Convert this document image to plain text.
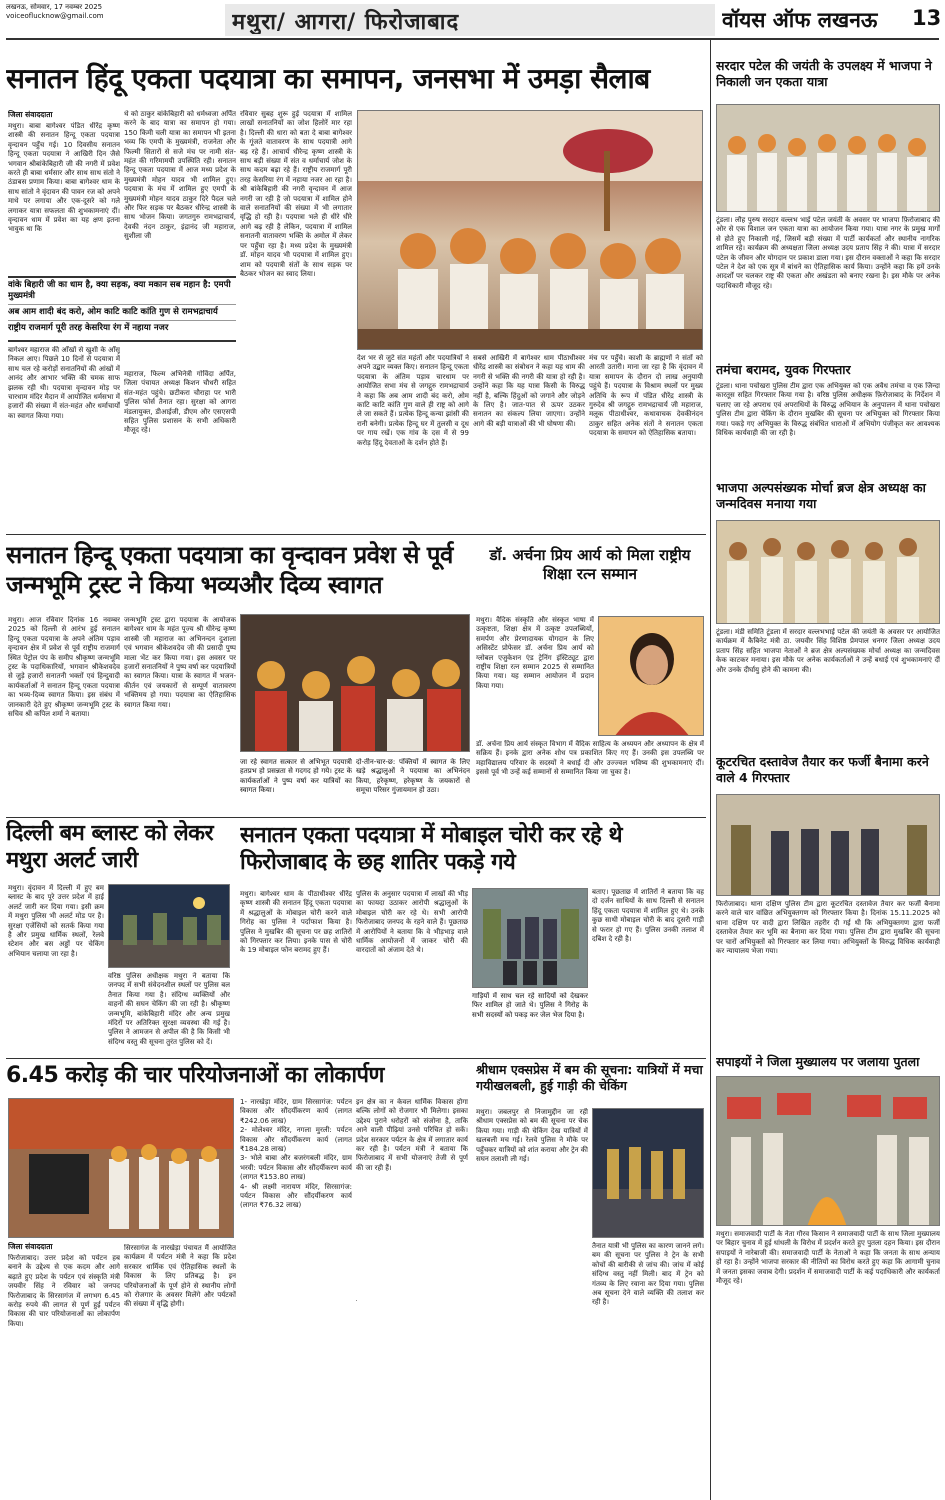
लखनऊ, सोमवार, 17 नवम्बर 2025
voiceoflucknow@gmail.com	मथुरा/ आगरा/ फिरोजाबाद	वॉयस ऑफ लखनऊ	13
सनातन हिंदू एकता पदयात्रा का समापन, जनसभा में उमड़ा सैलाब
जिला संवाददाता
मथुरा। बाबा बागेश्वर पंडित धीरेंद्र कृष्ण शास्त्री की सनातन हिन्दू एकता पदयात्रा वृन्दावन पहुँच गई। 10 दिवसीय सनातन हिन्दू एकता पदयात्रा ने आखिरी दिन जैसे भगवान श्रीबांकेबिहारी जी की नगरी में प्रवेश करते ही बाबा धर्मसार और साथ साथ संतो ने ठंडाबस प्रणाम किया। बाबा बागेश्वर धाम के साथ सांतो ने वृंदावन की पावन रज को अपने माथे पर लगाया और एक-दूसरे को गले लगाकर यात्रा सफलता की शुभकामनाएं दीं। वृन्दावन धाम में प्रवेश का यह क्षण इतना भावुक था कि
थे को ठाकुर बांकेबिहारी को धर्मध्वजा अर्पित करने के बाद यात्रा का समापन हो गया। 150 किमी चली यात्रा का समापन भी इतना भव्य कि एमपी के मुख्यमंत्री, राजनेता और फिल्मी सितारों से सजे मंच पर नामी संत-महंत की गरिमामयी उपस्थिति रही। सनातन हिन्दू एकता पदयात्रा में आज मध्य प्रदेश के मुख्यमंत्री मोहन यादव भी शामिल हुए। पदयात्रा के मंच में शामिल हुए एमपी के मुख्यमंत्री मोहन यादव ठाकुर दिरे पैदल चले और फिर सड़क पर बैठकर धीरेन्द्र शास्त्री के साथ भोजन किया। जगतगुरु रामभद्राचार्य, देवकी नंदन ठाकुर, इंद्रानंद जी महाराज, सुशीला जी
रविवार सुबह शुरू हुई पदयात्रा में शामिल लाखों सनातनियों का जोश हिलोरें मार रहा है। दिल्ली की धारा को बता दे बाबा बागेश्वर के गूंजते वातावरण के साथ पदयात्री आगे बढ़ रहे हैं। आचार्य धीरेन्द्र कृष्ण शास्त्री के साथ बड़ी संख्या में संत व धर्माचार्य जोश के साथ कदम बढ़ा रहे हैं। राष्ट्रीय राजमार्ग पूरी तरह केसरिया रंग में नहाया नजर आ रहा है। श्री बांकेबिहारी की नगरी वृन्दावन में आज नगरी जा रही है जो पदयात्रा में शामिल होने वाले सनातनियों की संख्या में भी लगातार वृद्धि हो रही है। पदयात्रा भले ही धीरे धीरे आगे बढ़ रही है लेकिन, पदयात्रा में शामिल सनातनी वातावरण भक्ति के अमोल में लेकर पर पहुँचा रहा है। मध्य प्रदेश के मुख्यमंत्री डॉ. मोहन यादव भी पदयात्रा में शामिल हुए। शाम को पदयात्री संतों के साथ सड़क पर बैठकर भोजन का स्वाद लिया।
वांके बिहारी जी का धाम है, क्या सड़क, क्या मकान सब महान है: एमपी मुख्यमंत्री
अब आम शादी बंद करो, ओम काटि काटि कांति गुण से रामभद्राचार्य
राष्ट्रीय राजमार्ग पूरी तरह केसरिया रंग में नहाया नजर
बागेश्वर महाराज की आँखों से खुशी के आँसू निकल आए। पिछले 10 दिनों से पदयात्रा में साथ चल रहे करोड़ों सनातनियों की आंखों में आनंद और आभार भक्ति की चमक साफ झलक रही थी। पदयात्रा वृन्दावन मोड़ पर चारधाम मंदिर मैदान में आयोजित धर्मसभा में हजारों की संख्या में संत-महंत और धर्माचार्यों का स्वागत किया गया।
महाराज, फिल्म अभिनेत्री गोविंदा अर्पित, जिला पंचायत अध्यक्ष किशन चौधरी सहित संत-महंत पहुंचे। छटीकरा चौराहा पर भारी पुलिस फोर्स तैनात रहा। सुरक्षा को आगरा मंडलायुक्त, डीआईजी, डीएम और एसएसपी सहित पुलिस प्रशासन के सभी अधिकारी मौजूद रहे।
देश भर से जुटे संत महंतों और पदयात्रियों ने अपने उद्बार व्यक्त किए। सनातन हिन्दू एकता पदयात्रा के अंतिम पड़ाव चारधाम पर आयोजित सभा मंच से जगद्गुरु रामभद्राचार्य ने कहा कि अब आम शादी बंद करो, ओम काटि काटि कांति गुण वाले ही राष्ट्र को आगे ले जा सकते हैं। प्रत्येक हिन्दू कन्या झांसी की रानी बनेगी। प्रत्येक हिन्दू घर में तुलसी व दूध पर गाय रखें। एक गांव के दस में से 99 करोड़ हिंदू देवताओं के दर्शन होते हैं।
सबसे आखिरी में बागेश्वर धाम पीठाधीश्वर धीरेंद्र शास्त्री का संबोधन ने कहा यह धाम की नगरी से भक्ति की नगरी की यात्रा हो रही है। उन्होंने कहा कि यह यात्रा किसी के विरुद्ध नहीं है, बल्कि हिंदुओं को जगाने और जोड़ने के लिए है। जात-पात से ऊपर उठकर सनातन का संकल्प लिया जाएगा। उन्होंने आगे की बड़ी यात्राओं की भी घोषणा की।
मंच पर पहुँचे। काशी के ब्राह्मणों ने संतों को आरती उतारी। माना जा रहा है कि वृंदावन में यात्रा समापन के दौरान दो लाख अनुयायी पहुंचे हैं। पदयात्रा के विश्राम स्थलों पर मुख्य अतिथि के रूप में पंडित धीरेंद्र शास्त्री के गुरुदेव श्री जगद्गुरु रामभद्राचार्य जी महाराज, मलूक पीठाधीश्वर, कथावाचक देवकीनंदन ठाकुर सहित अनेक संतों ने सनातन एकता पदयात्रा के समापन को ऐतिहासिक बताया।
सनातन हिन्दू एकता पदयात्रा का वृन्दावन प्रवेश से पूर्व जन्मभूमि ट्रस्ट ने किया भव्यऔर दिव्य स्वागत
मथुरा। आज रविवार दिनांक 16 नवम्बर 2025 को दिल्ली से आरंभ हुई सनातन हिन्दू एकता पदयात्रा के अपने अंतिम पड़ाव वृन्दावन क्षेत्र में प्रवेश से पूर्व राष्ट्रीय राजमार्ग स्थित पेट्रोल पंप के समीप श्रीकृष्ण जन्मभूमि ट्रस्ट के पदाधिकारियों, भगवान श्रीकेशवदेव से जुड़े हजारों सनातनी भक्तों एवं हिन्दुवादी कार्यकर्ताओं ने सनातन हिन्दू एकता पदयात्रा का भव्य-दिव्य स्वागत किया। इस संबंध में जानकारी देते हुए श्रीकृष्ण जन्मभूमि ट्रस्ट के सचिव श्री कपिल शर्मा ने बताया।
जन्मभूमि ट्रस्ट द्वारा पदयात्रा के आयोजक बागेश्वर धाम के महंत पूज्य श्री धीरेन्द्र कृष्ण शास्त्री जी महाराज का अभिनन्दन दुशाला एवं भगवान श्रीकेशवदेव जी की प्रसादी पुष्प माला भेंट कर किया गया। इस अवसर पर हजारों सनातनियों ने पुष्प वर्षा कर पदयात्रियों का स्वागत किया। यात्रा के स्वागत में भजन-कीर्तन एवं जयकारों से सम्पूर्ण वातावरण भक्तिमय हो गया। पदयात्रा का ऐतिहासिक स्वागत किया गया।
जा रहे स्वागत सत्कार से अभिभूत पदयात्री हतप्रभ हो प्रसन्नता से गदगद हो गये। ट्रस्ट के कार्यकर्ताओं ने पुष्प वर्षा कर यात्रियों का स्वागत किया।
दो-तीन-चार-छ: पंक्तियों में स्वागत के लिए खड़े श्रद्धालुओं ने पदयात्रा का अभिनंदन किया, हरेकृष्ण, हरेकृष्ण के जयकारों से समूचा परिसर गुंजायमान हो उठा।
डॉ. अर्चना प्रिय आर्य को मिला राष्ट्रीय शिक्षा रत्न सम्मान
मथुरा। वैदिक संस्कृति और संस्कृत भाषा में उत्कृष्टता, शिक्षा क्षेत्र में उत्कृष्ट उपलब्धियों, समर्पण और प्रेरणादायक योगदान के लिए असिस्टेंट प्रोफेसर डॉ. अर्चना प्रिय आर्य को ग्लोबल एजुकेशन एंड ट्रेनिंग इंस्टिट्यूट द्वारा राष्ट्रीय शिक्षा रत्न सम्मान 2025 से सम्मानित किया गया। यह सम्मान आयोजन में प्रदान किया गया।
डॉ. अर्चना प्रिय आर्य संस्कृत विभाग में वैदिक साहित्य के अध्ययन और अध्यापन के क्षेत्र में सक्रिय हैं। इनके द्वारा अनेक शोध पत्र प्रकाशित किए गए हैं। उनकी इस उपलब्धि पर महाविद्यालय परिवार के सदस्यों ने बधाई दी और उज्ज्वल भविष्य की शुभकामनाएं दीं। इससे पूर्व भी उन्हें कई सम्मानों से सम्मानित किया जा चुका है।
दिल्ली बम ब्लास्ट को लेकर मथुरा अलर्ट जारी
मथुरा। वृंदावन में दिल्ली में हुए बम ब्लास्ट के बाद पूरे उत्तर प्रदेश में हाई अलर्ट जारी कर दिया गया। इसी क्रम में मथुरा पुलिस भी अलर्ट मोड पर है। सुरक्षा एजेंसियों को सतर्क किया गया है और प्रमुख धार्मिक स्थलों, रेलवे स्टेशन और बस अड्डों पर चेकिंग अभियान चलाया जा रहा है।
वरिष्ठ पुलिस अधीक्षक मथुरा ने बताया कि जनपद में सभी संवेदनशील स्थलों पर पुलिस बल तैनात किया गया है। संदिग्ध व्यक्तियों और वाहनों की सघन चेकिंग की जा रही है। श्रीकृष्ण जन्मभूमि, बांकेबिहारी मंदिर और अन्य प्रमुख मंदिरों पर अतिरिक्त सुरक्षा व्यवस्था की गई है। पुलिस ने आमजन से अपील की है कि किसी भी संदिग्ध वस्तु की सूचना तुरंत पुलिस को दें।
सनातन एकता पदयात्रा में मोबाइल चोरी कर रहे थे फिरोजाबाद के छह शातिर पकड़े गये
मथुरा। बागेश्वर धाम के पीठाधीश्वर धीरेंद्र कृष्ण शास्त्री की सनातन हिंदू एकता पदयात्रा में श्रद्धालुओं के मोबाइल चोरी करने वाले गिरोह का पुलिस ने पर्दाफाश किया है। पुलिस ने मुखबिर की सूचना पर छह शातिरों को गिरफ्तार कर लिया। इनके पास से चोरी के 19 मोबाइल फोन बरामद हुए हैं।
पुलिस के अनुसार पदयात्रा में लाखों की भीड़ का फायदा उठाकर आरोपी श्रद्धालुओं के मोबाइल चोरी कर रहे थे। सभी आरोपी फिरोजाबाद जनपद के रहने वाले हैं। पूछताछ में आरोपियों ने बताया कि वे भीड़भाड़ वाले धार्मिक आयोजनों में जाकर चोरी की वारदातों को अंजाम देते थे।
गाड़ियों में साथ चल रहे सादियों को देखकर फिर शामिल हो जाते थे। पुलिस ने गिरोह के सभी सदस्यों को पकड़ कर जेल भेज दिया है।
बताए। पूछताछ में शातिरों ने बताया कि वह दो दर्जन साथियों के साथ दिल्ली से सनातन हिंदू एकता पदयात्रा में शामिल हुए थे। उनके कुछ साथी मोबाइल चोरी के बाद दूसरी गाड़ी से फरार हो गए हैं। पुलिस उनकी तलाश में दबिश दे रही है।
6.45 करोड़ की चार परियोजनाओं का लोकार्पण
जिला संवाददाता
फिरोजाबाद। उत्तर प्रदेश को पर्यटन हब बनाने के उद्देश्य से एक कदम और आगे बढ़ाते हुए प्रदेश के पर्यटन एवं संस्कृति मंत्री जयवीर सिंह ने रविवार को जनपद फिरोजाबाद के सिरसागंज में लगभग 6.45 करोड़ रुपये की लागत से पूर्ण हुई पर्यटन विकास की चार परियोजनाओं का लोकार्पण किया।
सिरसागंज के नारखेड़ा पंचायत मैं आयोजित कार्यक्रम में पर्यटन मंत्री ने कहा कि प्रदेश सरकार धार्मिक एवं ऐतिहासिक स्थलों के विकास के लिए प्रतिबद्ध है। इन परियोजनाओं के पूर्ण होने से स्थानीय लोगों को रोजगार के अवसर मिलेंगे और पर्यटकों की संख्या में वृद्धि होगी।
1- नारखेड़ा मंदिर, ग्राम सिरसागंज: पर्यटन विकास और सौंदर्यीकरण कार्य (लागत ₹242.06 लाख)
2- मोलेश्वर मंदिर, नगला मुरली: पर्यटन विकास और सौंदर्यीकरण कार्य (लागत ₹184.28 लाख)
3- भोले बाबा और बजरंगबली मंदिर, ग्राम भरवी: पर्यटन विकास और सौंदर्यीकरण कार्य (लागत ₹153.80 लाख)
4- श्री लक्ष्मी नारायण मंदिर, सिरसागंज: पर्यटन विकास और सौंदर्यीकरण कार्य (लागत ₹76.32 लाख)
इन क्षेत्र का न केवल धार्मिक विकास होगा बल्कि लोगों को रोजगार भी मिलेगा। इसका उद्देश्य पुराने धरोहरों को संजोना है, ताकि आने वाली पीढ़ियां उनसे परिचित हो सकें। प्रदेश सरकार पर्यटन के क्षेत्र में लगातार कार्य कर रही है। पर्यटन मंत्री ने बताया कि फिरोजाबाद में सभी योजनाएं तेजी से पूर्ण की जा रही हैं।
श्रीधाम एक्सप्रेस में बम की सूचना: यात्रियों में मचा गयीखलबली, हुई गाड़ी की चेकिंग
मथुरा। जबलपुर से निजामुद्दीन जा रही श्रीधाम एक्सप्रेस को बम की सूचना पर चेक किया गया। गाड़ी की चेकिंग देख यात्रियों में खलबली मच गई। रेलवे पुलिस ने मौके पर पहुँचकर यात्रियों को शांत कराया और ट्रेन की सघन तलाशी ली गई।
तैनात यात्री भी पुलिस का कारण जानने लगे। बम की सूचना पर पुलिस ने ट्रेन के सभी कोचों की बारीकी से जांच की। जांच में कोई संदिग्ध वस्तु नहीं मिली। बाद में ट्रेन को गंतव्य के लिए रवाना कर दिया गया। पुलिस अब सूचना देने वाले व्यक्ति की तलाश कर रही है।
सरदार पटेल की जयंती के उपलक्ष्य में भाजपा ने निकाली जन एकता यात्रा
टूंडला। लौह पुरुष सरदार वल्लभ भाई पटेल जयंती के अवसर पर भाजपा फ़िरोजाबाद की ओर से एक विशाल जन एकता यात्रा का आयोजन किया गया। यात्रा नगर के प्रमुख मार्गों से होते हुए निकाली गई, जिसमें बड़ी संख्या में पार्टी कार्यकर्ता और स्थानीय नागरिक शामिल रहे। कार्यक्रम की अध्यक्षता जिला अध्यक्ष उदय प्रताप सिंह ने की। यात्रा में सरदार पटेल के जीवन और योगदान पर प्रकाश डाला गया। इस दौरान वक्ताओं ने कहा कि सरदार पटेल ने देश को एक सूत्र में बांधने का ऐतिहासिक कार्य किया। उन्होंने कहा कि हमें उनके आदर्शों पर चलकर राष्ट्र की एकता और अखंडता को बनाए रखना है। इस मौके पर अनेक पदाधिकारी मौजूद रहे।
तमंचा बरामद, युवक गिरफ्तार
टूंडला। थाना पचोखरा पुलिस टीम द्वारा एक अभियुक्त को एक अवैध तमंचा व एक जिन्दा कारतूस सहित गिरफ्तार किया गया है। वरिष्ठ पुलिस अधीक्षक फ़िरोजाबाद के निर्देशन में चलाए जा रहे अपराध एवं अपराधियों के विरुद्ध अभियान के अनुपालन में थाना पचोखरा पुलिस टीम द्वारा चेकिंग के दौरान मुखबिर की सूचना पर अभियुक्त को गिरफ्तार किया गया। पकड़े गए अभियुक्त के विरुद्ध संबंधित धाराओं में अभियोग पंजीकृत कर आवश्यक विधिक कार्यवाही की जा रही है।
भाजपा अल्पसंख्यक मोर्चा ब्रज क्षेत्र अध्यक्ष का जन्मदिवस मनाया गया
टूंडला। मंडी समिति टूंडला में सरदार वल्लभभाई पटेल की जयंती के अवसर पर आयोजित कार्यक्रम में कैबिनेट मंत्री ठा. जयवीर सिंह विशिष्ठ प्रेमपाल धनगर जिला अध्यक्ष उदय प्रताप सिंह सहित भाजपा नेताओं ने ब्रज क्षेत्र अल्पसंख्यक मोर्चा अध्यक्ष का जन्मदिवस केक काटकर मनाया। इस मौके पर अनेक कार्यकर्ताओं ने उन्हें बधाई एवं शुभकामनाएं दीं और उनके दीर्घायु होने की कामना की।
कूटरचित दस्तावेज तैयार कर फर्जी बैनामा करने वाले 4 गिरफ्तार
फिरोजाबाद। थाना दक्षिण पुलिस टीम द्वारा कूटरचित दस्तावेज तैयार कर फर्जी बैनामा करने वाले चार वांछित अभियुक्तगण को गिरफ्तार किया है। दिनांक 15.11.2025 को थाना दक्षिण पर वादी द्वारा लिखित तहरीर दी गई थी कि अभियुक्तगण द्वारा फर्जी दस्तावेज तैयार कर भूमि का बैनामा कर दिया गया। पुलिस टीम द्वारा मुखबिर की सूचना पर चारों अभियुक्तों को गिरफ्तार कर लिया गया। अभियुक्तों के विरुद्ध विधिक कार्यवाही कर न्यायालय भेजा गया।
सपाइयों ने जिला मुख्यालय पर जलाया पुतला
मथुरा। समाजवादी पार्टी के नेता गौरव किसान ने समाजवादी पार्टी के साथ जिला मुख्यालय पर बिहार चुनाव में हुई धांधली के विरोध में प्रदर्शन करते हुए पुतला दहन किया। इस दौरान सपाइयों ने नारेबाजी की। समाजवादी पार्टी के नेताओं ने कहा कि जनता के साथ अन्याय हो रहा है। उन्होंने भाजपा सरकार की नीतियों का विरोध करते हुए कहा कि आगामी चुनाव में जनता इसका जवाब देगी। प्रदर्शन में समाजवादी पार्टी के कई पदाधिकारी और कार्यकर्ता मौजूद रहे।
